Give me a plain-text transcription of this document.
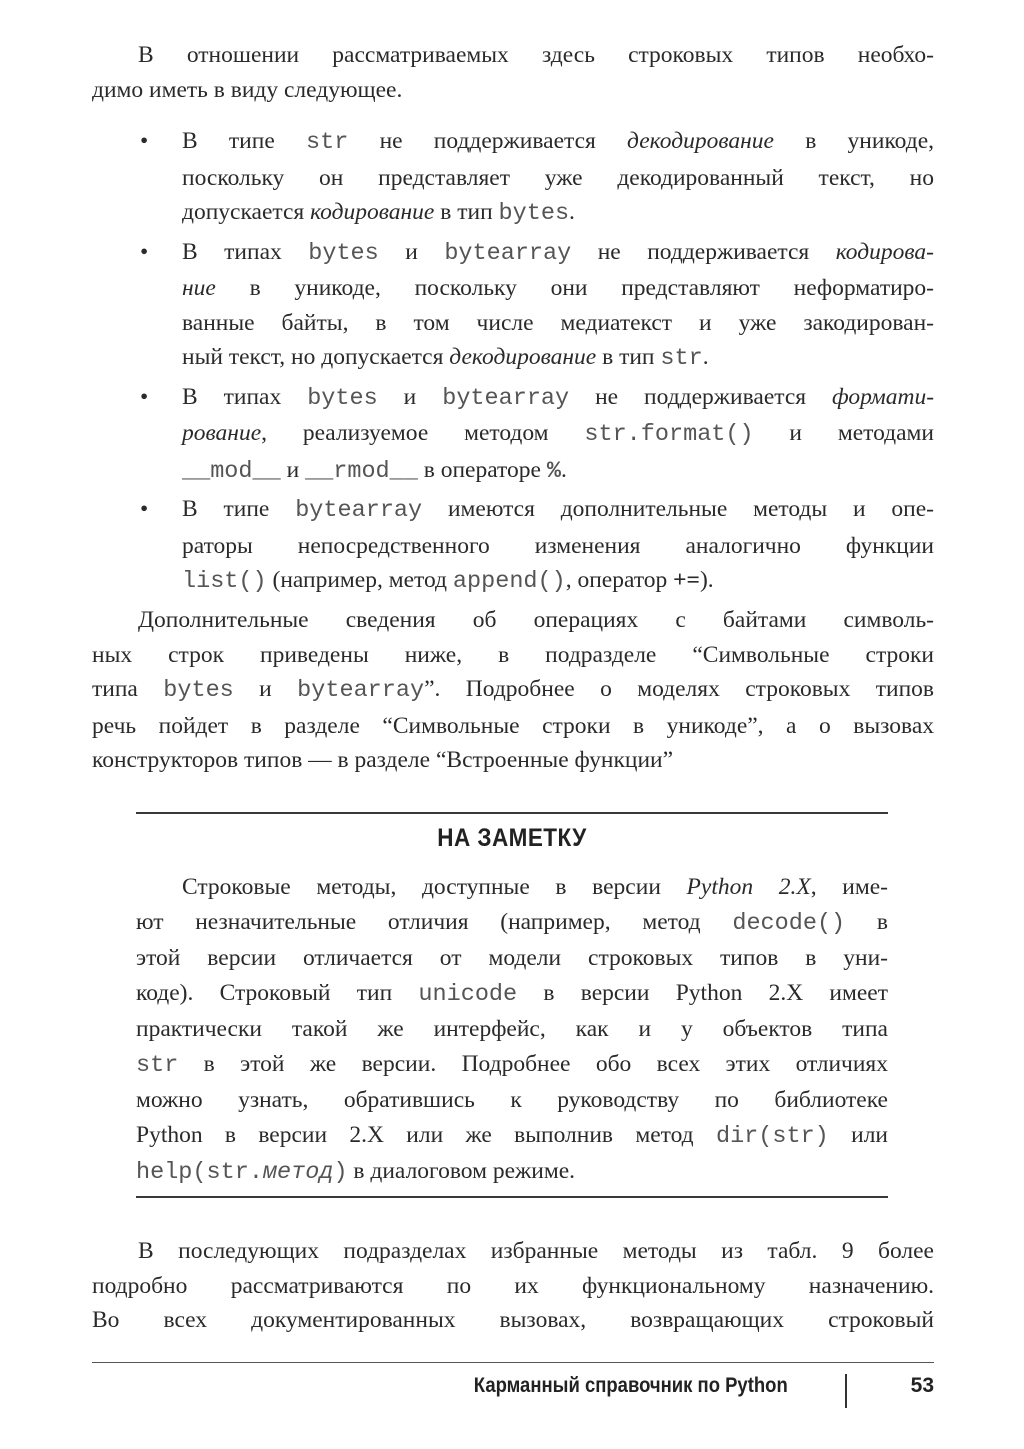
В отношении рассматриваемых здесь строковых типов необхо-
димо иметь в виду следующее.

• В типе str не поддерживается декодирование в уникоде,
поскольку он представляет уже декодированный текст, но
допускается кодирование в тип bytes.
• В типах bytes и bytearray не поддерживается кодирова-
ние в уникоде, поскольку они представляют неформатиро-
ванные байты, в том числе медиатекст и уже закодирован-
ный текст, но допускается декодирование в тип str.
• В типах bytes и bytearray не поддерживается формати-
рование, реализуемое методом str.format() и методами
__mod__ и __rmod__ в операторе %.
• В типе bytearray имеются дополнительные методы и опе-
раторы непосредственного изменения аналогично функции
list() (например, метод append(), оператор +=).

Дополнительные сведения об операциях с байтами символь-
ных строк приведены ниже, в подразделе “Символьные строки
типа bytes и bytearray”. Подробнее о моделях строковых типов
речь пойдет в разделе “Символьные строки в уникоде”, а о вызовах
конструкторов типов — в разделе “Встроенные функции”

НА ЗАМЕТКУ
Строковые методы, доступные в версии Python 2.X, име-
ют незначительные отличия (например, метод decode() в
этой версии отличается от модели строковых типов в уни-
коде). Строковый тип unicode в версии Python 2.X имеет
практически такой же интерфейс, как и у объектов типа
str в этой же версии. Подробнее обо всех этих отличиях
можно узнать, обратившись к руководству по библиотеке
Python в версии 2.X или же выполнив метод dir(str) или
help(str.метод) в диалоговом режиме.

В последующих подразделах избранные методы из табл. 9 более
подробно рассматриваются по их функциональному назначению.
Во всех документированных вызовах, возвращающих строковый

Карманный справочник по Python	53
